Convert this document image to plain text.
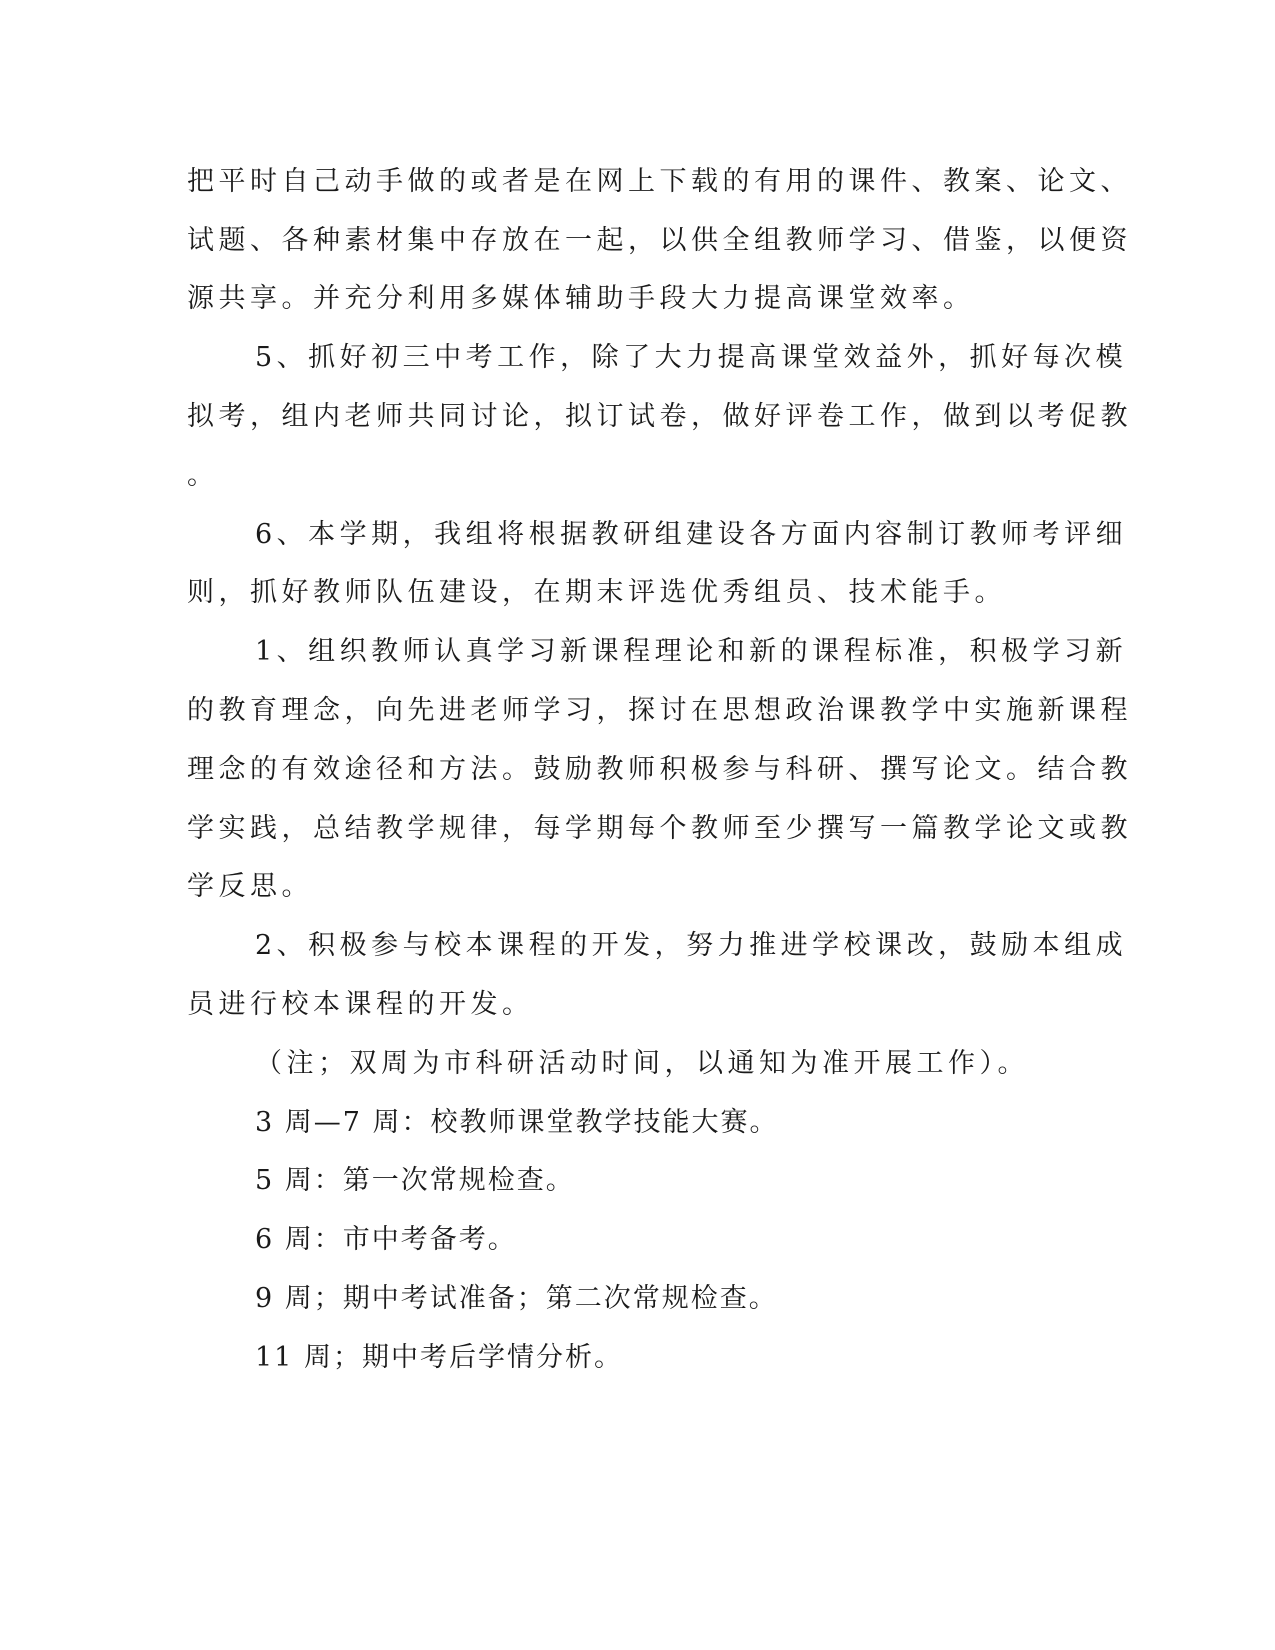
把平时自己动手做的或者是在网上下载的有用的课件、教案、论文、
试题、各种素材集中存放在一起，以供全组教师学习、借鉴，以便资
源共享。并充分利用多媒体辅助手段大力提高课堂效率。
5、抓好初三中考工作，除了大力提高课堂效益外，抓好每次模
拟考，组内老师共同讨论，拟订试卷，做好评卷工作，做到以考促教
。
6、本学期，我组将根据教研组建设各方面内容制订教师考评细
则，抓好教师队伍建设，在期末评选优秀组员、技术能手。
1、组织教师认真学习新课程理论和新的课程标准，积极学习新
的教育理念，向先进老师学习，探讨在思想政治课教学中实施新课程
理念的有效途径和方法。鼓励教师积极参与科研、撰写论文。结合教
学实践，总结教学规律，每学期每个教师至少撰写一篇教学论文或教
学反思。
2、积极参与校本课程的开发，努力推进学校课改，鼓励本组成
员进行校本课程的开发。
（注；双周为市科研活动时间，以通知为准开展工作）。
3 周—7 周：校教师课堂教学技能大赛。
5 周：第一次常规检查。
6 周：市中考备考。
9 周；期中考试准备；第二次常规检查。
11 周；期中考后学情分析。
